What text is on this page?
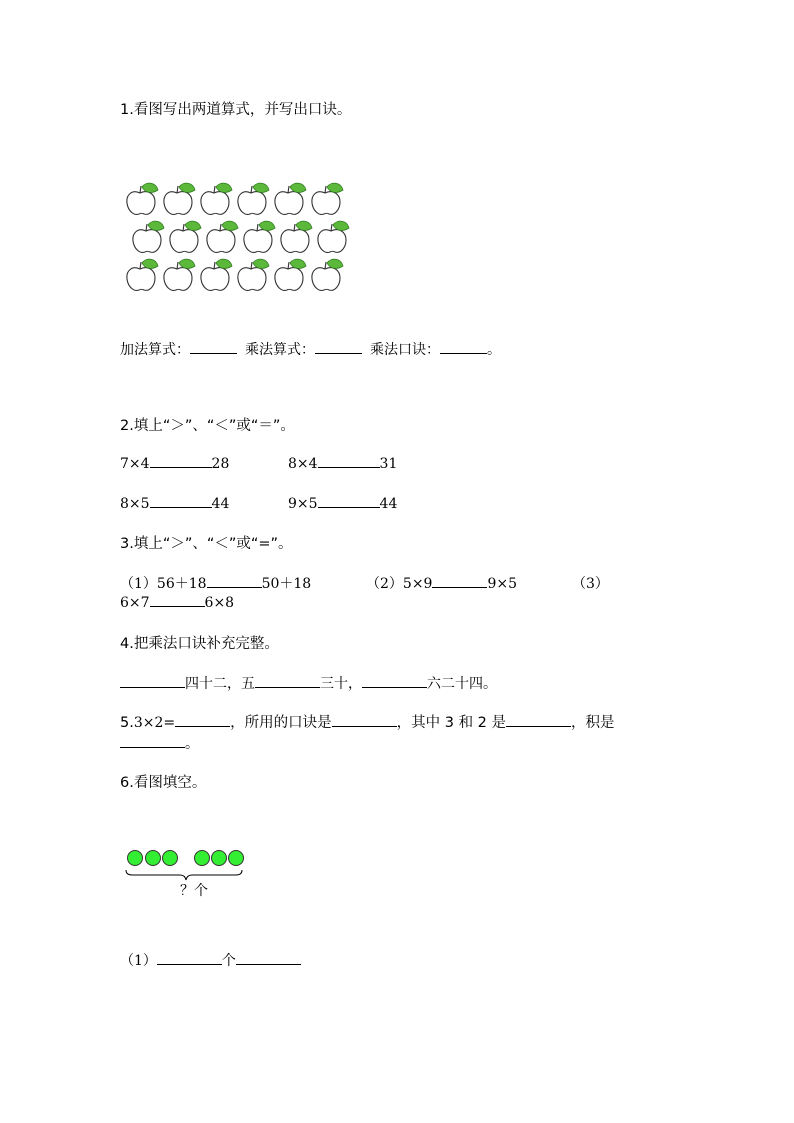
1.看图写出两道算式，并写出口诀。
加法算式：	乘法算式：	乘法口诀：	。
2.填上“＞”、“＜”或“＝”。
7×4	28	8×4	31
8×5	44	9×5	44
3.填上“＞”、“＜”或“=”。
（1）56＋18	50＋18	（2）5×9	9×5	（3）
6×7	6×8
4.把乘法口诀补充完整。
四十二，五	三十，	六二十四。
5.3×2=	，所用的口诀是	，其中 3 和 2 是	，积是
。
6.看图填空。
？个
（1）	个
